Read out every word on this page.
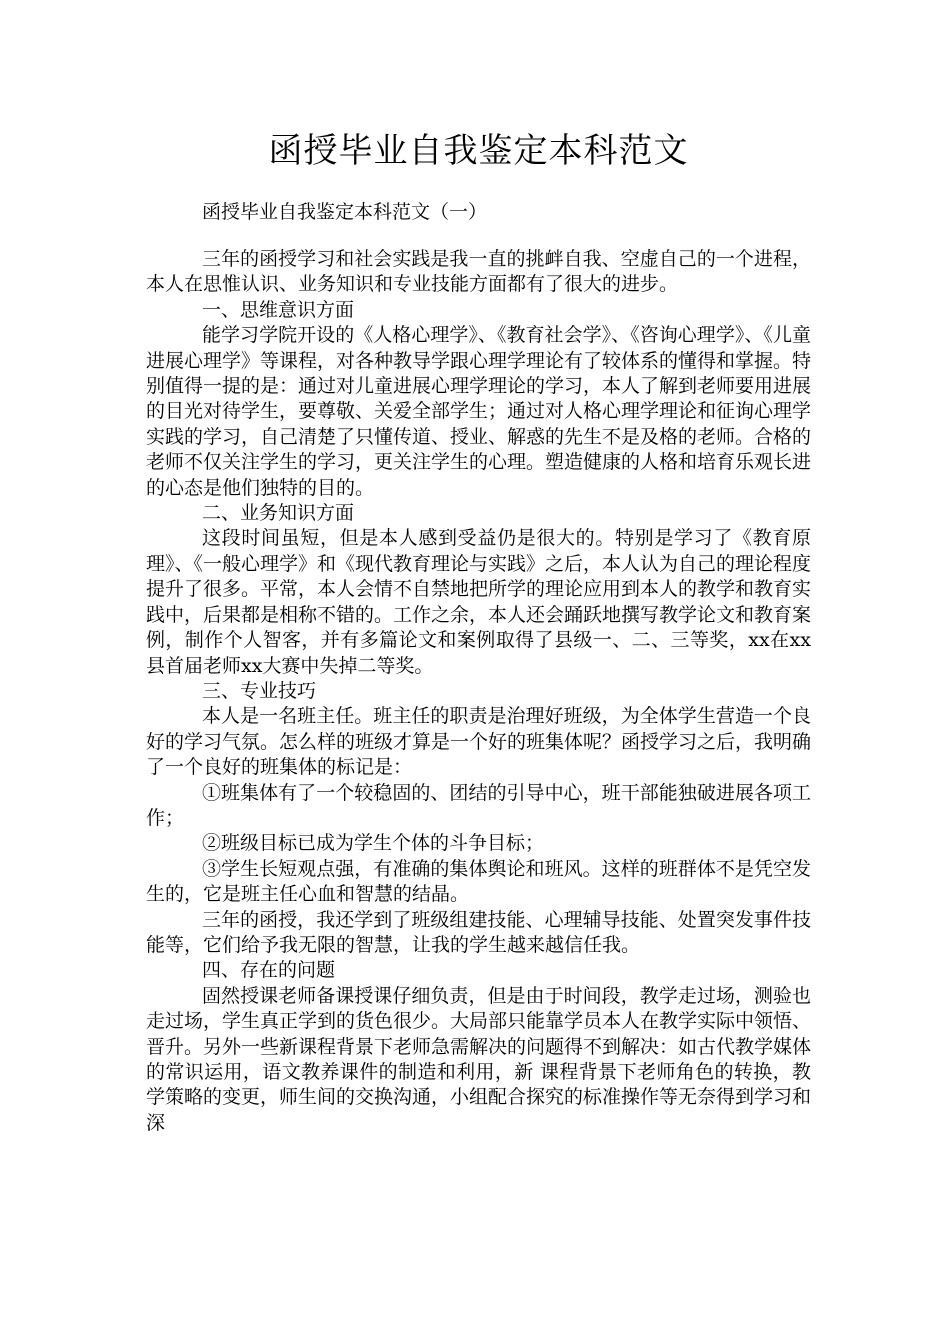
函授毕业自我鉴定本科范文

函授毕业自我鉴定本科范文（一）

三年的函授学习和社会实践是我一直的挑衅自我、空虚自己的一个进程，本人在思惟认识、业务知识和专业技能方面都有了很大的进步。

一、思维意识方面

能学习学院开设的《人格心理学》、《教育社会学》、《咨询心理学》、《儿童进展心理学》等课程，对各种教导学跟心理学理论有了较体系的懂得和掌握。特别值得一提的是：通过对儿童进展心理学理论的学习，本人了解到老师要用进展的目光对待学生，要尊敬、关爱全部学生；通过对人格心理学理论和征询心理学实践的学习，自己清楚了只懂传道、授业、解惑的先生不是及格的老师。合格的老师不仅关注学生的学习，更关注学生的心理。塑造健康的人格和培育乐观长进的心态是他们独特的目的。

二、业务知识方面

这段时间虽短，但是本人感到受益仍是很大的。特别是学习了《教育原理》、《一般心理学》和《现代教育理论与实践》之后，本人认为自己的理论程度提升了很多。平常，本人会情不自禁地把所学的理论应用到本人的教学和教育实践中，后果都是相称不错的。工作之余，本人还会踊跃地撰写教学论文和教育案例，制作个人智客，并有多篇论文和案例取得了县级一、二、三等奖，xx在xx县首届老师xx大赛中失掉二等奖。

三、专业技巧

本人是一名班主任。班主任的职责是治理好班级，为全体学生营造一个良好的学习气氛。怎么样的班级才算是一个好的班集体呢？函授学习之后，我明确了一个良好的班集体的标记是：

①班集体有了一个较稳固的、团结的引导中心，班干部能独破进展各项工作；

②班级目标已成为学生个体的斗争目标；

③学生长短观点强，有准确的集体舆论和班风。这样的班群体不是凭空发生的，它是班主任心血和智慧的结晶。

三年的函授，我还学到了班级组建技能、心理辅导技能、处置突发事件技能等，它们给予我无限的智慧，让我的学生越来越信任我。

四、存在的问题

固然授课老师备课授课仔细负责，但是由于时间段，教学走过场，测验也走过场，学生真正学到的货色很少。大局部只能靠学员本人在教学实际中领悟、晋升。另外一些新课程背景下老师急需解决的问题得不到解决：如古代教学媒体的常识运用，语文教养课件的制造和利用，新 课程背景下老师角色的转换，教学策略的变更，师生间的交换沟通，小组配合探究的标准操作等无奈得到学习和深
